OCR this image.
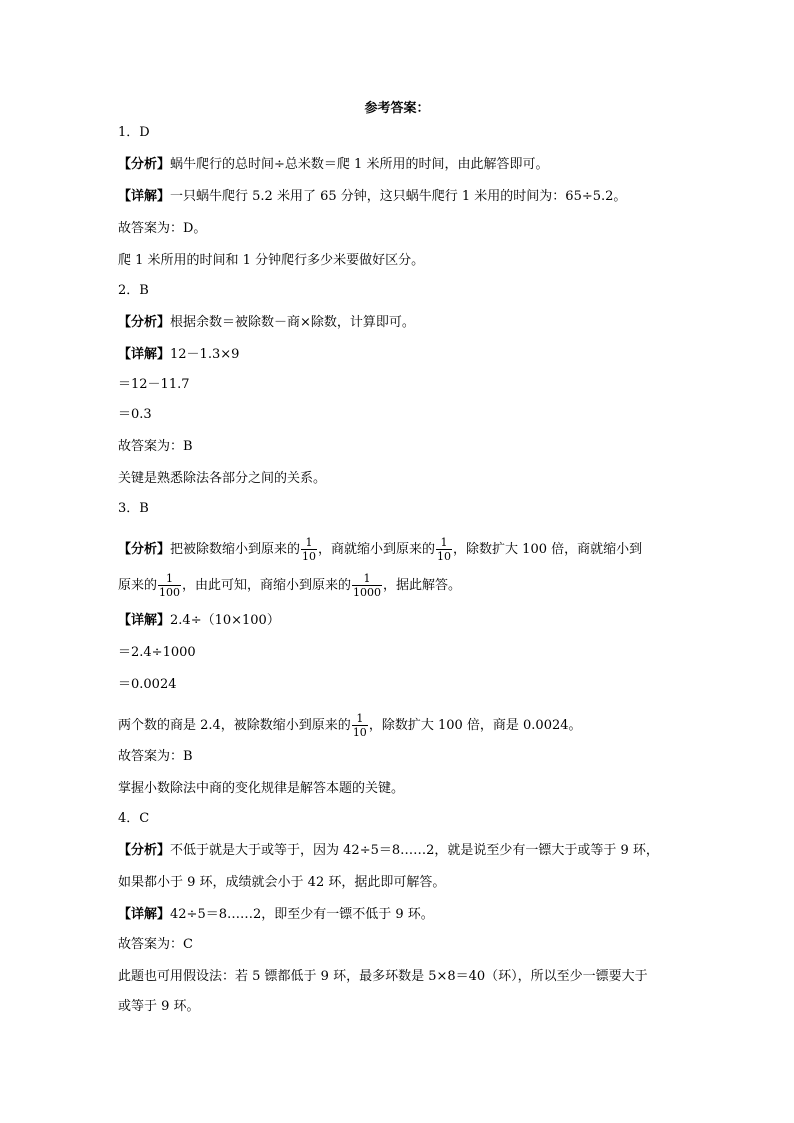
参考答案：
1．D
【分析】蜗牛爬行的总时间÷总米数＝爬 1 米所用的时间，由此解答即可。
【详解】一只蜗牛爬行 5.2 米用了 65 分钟，这只蜗牛爬行 1 米用的时间为：65÷5.2。
故答案为：D。
爬 1 米所用的时间和 1 分钟爬行多少米要做好区分。
2．B
【分析】根据余数＝被除数－商×除数，计算即可。
【详解】12－1.3×9
＝12－11.7
＝0.3
故答案为：B
关键是熟悉除法各部分之间的关系。
3．B
【分析】把被除数缩小到原来的 $\frac{1}{10}$ ，商就缩小到原来的 $\frac{1}{10}$ ，除数扩大 100 倍，商就缩小到
原来的 $\frac{1}{100}$ ，由此可知，商缩小到原来的 $\frac{1}{1000}$ ，据此解答。
【详解】2.4÷（10×100）
＝2.4÷1000
＝0.0024
两个数的商是 2.4，被除数缩小到原来的 $\frac{1}{10}$ ，除数扩大 100 倍，商是 0.0024。
故答案为：B
掌握小数除法中商的变化规律是解答本题的关键。
4．C
【分析】不低于就是大于或等于，因为 42÷5＝8……2，就是说至少有一镖大于或等于 9 环，
如果都小于 9 环，成绩就会小于 42 环，据此即可解答。
【详解】42÷5＝8……2，即至少有一镖不低于 9 环。
故答案为：C
此题也可用假设法：若 5 镖都低于 9 环，最多环数是 5×8＝40（环），所以至少一镖要大于
或等于 9 环。
